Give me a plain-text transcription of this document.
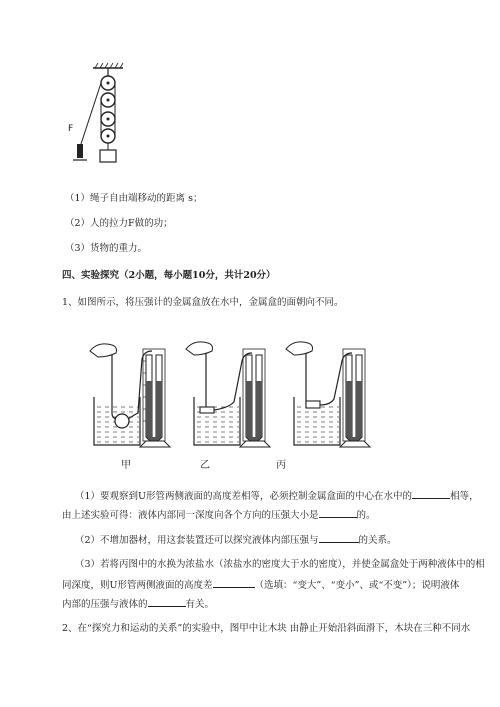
F
（1）绳子自由端移动的距离 s；
（2）人的拉力F做的功；
（3）货物的重力。
四、实验探究（2小题，每小题10分，共计20分）
1、如图所示，将压强计的金属盒放在水中，金属盒的面朝向不同。
甲	乙	丙
（1）要观察到U形管两侧液面的高度差相等，必须控制金属盒面的中心在水中的	相等，
由上述实验可得：液体内部同一深度向各个方向的压强大小是	的。
（2）不增加器材，用这套装置还可以探究液体内部压强与	的关系。
（3）若将丙图中的水换为浓盐水（浓盐水的密度大于水的密度），并使金属盒处于两种液体中的相
同深度，则U形管两侧液面的高度差	（选填：“变大”、“变小”、或“不变”）；说明液体
内部的压强与液体的	有关。
2、在“探究力和运动的关系”的实验中，图甲中让木块 由静止开始沿斜面滑下，木块在三种不同水
